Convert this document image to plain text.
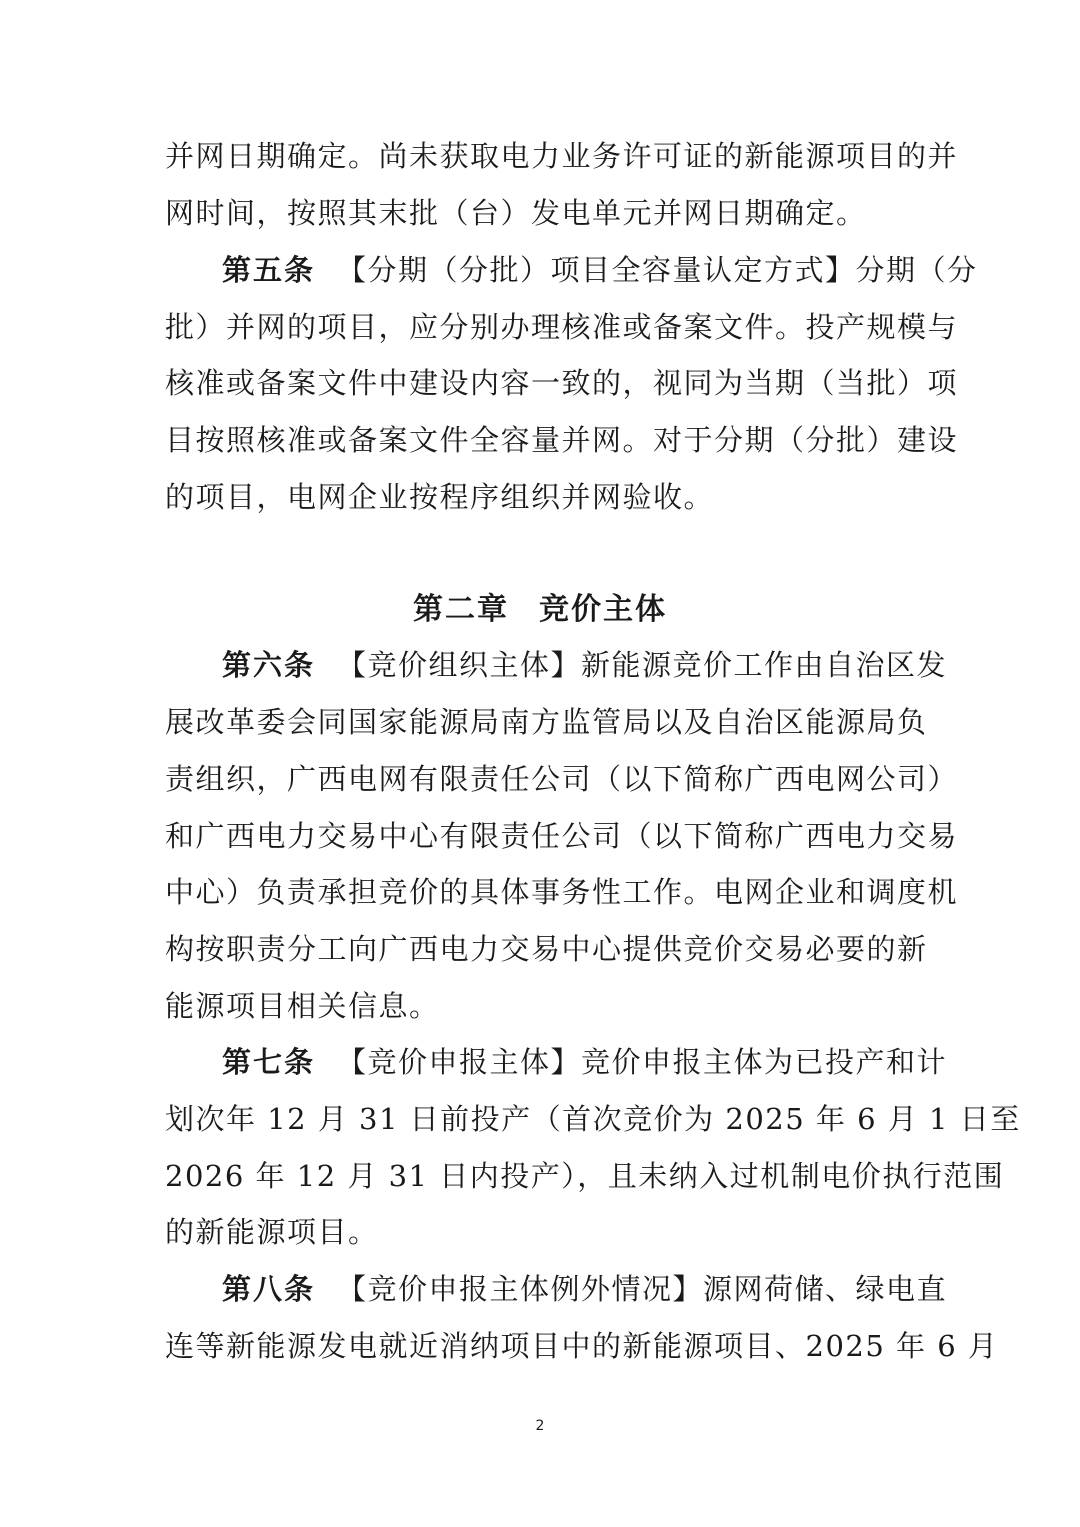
并网日期确定。尚未获取电力业务许可证的新能源项目的并
网时间，按照其末批（台）发电单元并网日期确定。
第五条 【分期（分批）项目全容量认定方式】分期（分
批）并网的项目，应分别办理核准或备案文件。投产规模与
核准或备案文件中建设内容一致的，视同为当期（当批）项
目按照核准或备案文件全容量并网。对于分期（分批）建设
的项目，电网企业按程序组织并网验收。
第二章 竞价主体
第六条 【竞价组织主体】新能源竞价工作由自治区发
展改革委会同国家能源局南方监管局以及自治区能源局负
责组织，广西电网有限责任公司（以下简称广西电网公司）
和广西电力交易中心有限责任公司（以下简称广西电力交易
中心）负责承担竞价的具体事务性工作。电网企业和调度机
构按职责分工向广西电力交易中心提供竞价交易必要的新
能源项目相关信息。
第七条 【竞价申报主体】竞价申报主体为已投产和计
划次年 12 月 31 日前投产（首次竞价为 2025 年 6 月 1 日至
2026 年 12 月 31 日内投产），且未纳入过机制电价执行范围
的新能源项目。
第八条 【竞价申报主体例外情况】源网荷储、绿电直
连等新能源发电就近消纳项目中的新能源项目、2025 年 6 月
2
